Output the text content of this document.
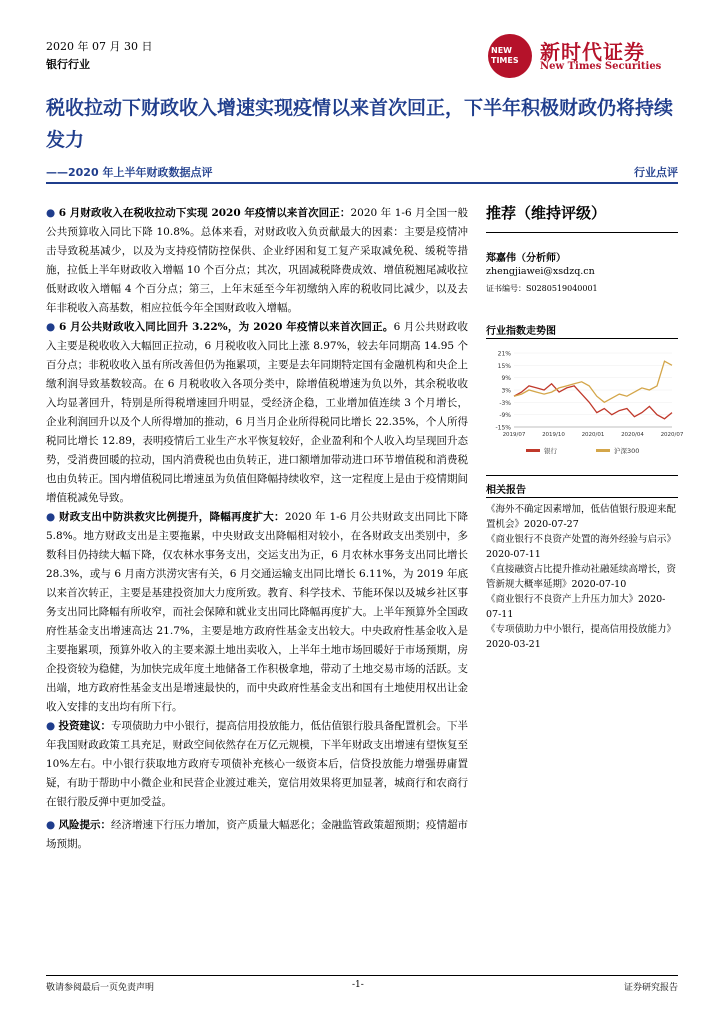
2020 年 07 月 30 日
银行行业
NEW
TIMES 新时代证券
New Times Securities
税收拉动下财政收入增速实现疫情以来首次回正，下半年积极财政仍将持续发力
——2020 年上半年财政数据点评	行业点评

● 6 月财政收入在税收拉动下实现 2020 年疫情以来首次回正：2020 年 1-6 月全国一般公共预算收入同比下降 10.8%。总体来看，对财政收入负贡献最大的因素：主要是疫情冲击导致税基减少，以及为支持疫情防控保供、企业纾困和复工复产采取减免税、缓税等措施，拉低上半年财政收入增幅 10 个百分点；其次，巩固减税降费成效、增值税翘尾减收拉低财政收入增幅 4 个百分点；第三，上年末延至今年初缴纳入库的税收同比减少，以及去年非税收入高基数，相应拉低今年全国财政收入增幅。

● 6 月公共财政收入同比回升 3.22%，为 2020 年疫情以来首次回正。6 月公共财政收入主要是税收收入大幅回正拉动，6 月税收收入同比上涨 8.97%，较去年同期高 14.95 个百分点；非税收收入虽有所改善但仍为拖累项，主要是去年同期特定国有金融机构和央企上缴利润导致基数较高。在 6 月税收收入各项分类中，除增值税增速为负以外，其余税收收入均显著回升，特别是所得税增速回升明显，受经济企稳，工业增加值连续 3 个月增长，企业利润回升以及个人所得增加的推动，6 月当月企业所得税同比增长 22.35%，个人所得税同比增长 12.89，表明疫情后工业生产水平恢复较好，企业盈利和个人收入均呈现回升态势，受消费回暖的拉动，国内消费税也由负转正，进口额增加带动进口环节增值税和消费税也由负转正。国内增值税同比增速虽为负值但降幅持续收窄，这一定程度上是由于疫情期间增值税减免导致。

● 财政支出中防洪救灾比例提升，降幅再度扩大：2020 年 1-6 月公共财政支出同比下降 5.8%。地方财政支出是主要拖累，中央财政支出降幅相对较小，在各财政支出类别中，多数科目仍持续大幅下降，仅农林水事务支出，交运支出为正，6 月农林水事务支出同比增长 28.3%，或与 6 月南方洪涝灾害有关，6 月交通运输支出同比增长 6.11%，为 2019 年底以来首次转正，主要是基建投资加大力度所致。教育、科学技术、节能环保以及城乡社区事务支出同比降幅有所收窄，而社会保障和就业支出同比降幅再度扩大。上半年预算外全国政府性基金支出增速高达 21.7%，主要是地方政府性基金支出较大。中央政府性基金收入是主要拖累项，预算外收入的主要来源土地出卖收入，上半年土地市场回暖好于市场预期，房企投资较为稳健，为加快完成年度土地储备工作积极拿地，带动了土地交易市场的活跃。支出端，地方政府性基金支出是增速最快的，而中央政府性基金支出和国有土地使用权出让金收入安排的支出均有所下行。

● 投资建议：专项债助力中小银行，提高信用投放能力，低估值银行股具备配置机会。下半年我国财政政策工具充足，财政空间依然存在万亿元规模，下半年财政支出增速有望恢复至 10%左右。中小银行获取地方政府专项债补充核心一级资本后，信贷投放能力增强毋庸置疑，有助于帮助中小微企业和民营企业渡过难关，宽信用效果将更加显著，城商行和农商行在银行股反弹中更加受益。

● 风险提示：经济增速下行压力增加，资产质量大幅恶化；金融监管政策超预期；疫情超市场预期。

推荐（维持评级）
郑嘉伟（分析师）
zhengjiawei@xsdzq.cn
证书编号：S0280519040001
行业指数走势图
21%
15%
9%
3%
-3%
-9%
-15%
2019/07	2019/10	2020/01	2020/04	2020/07
银行	沪深300
相关报告
《海外不确定因素增加，低估值银行股迎来配置机会》2020-07-27
《商业银行不良资产处置的海外经验与启示》2020-07-11
《直接融资占比提升推动社融延续高增长，资管新规大概率延期》2020-07-10
《商业银行不良资产上升压力加大》2020-07-11
《专项债助力中小银行，提高信用投放能力》2020-03-21
敬请参阅最后一页免责声明	-1-	证券研究报告
